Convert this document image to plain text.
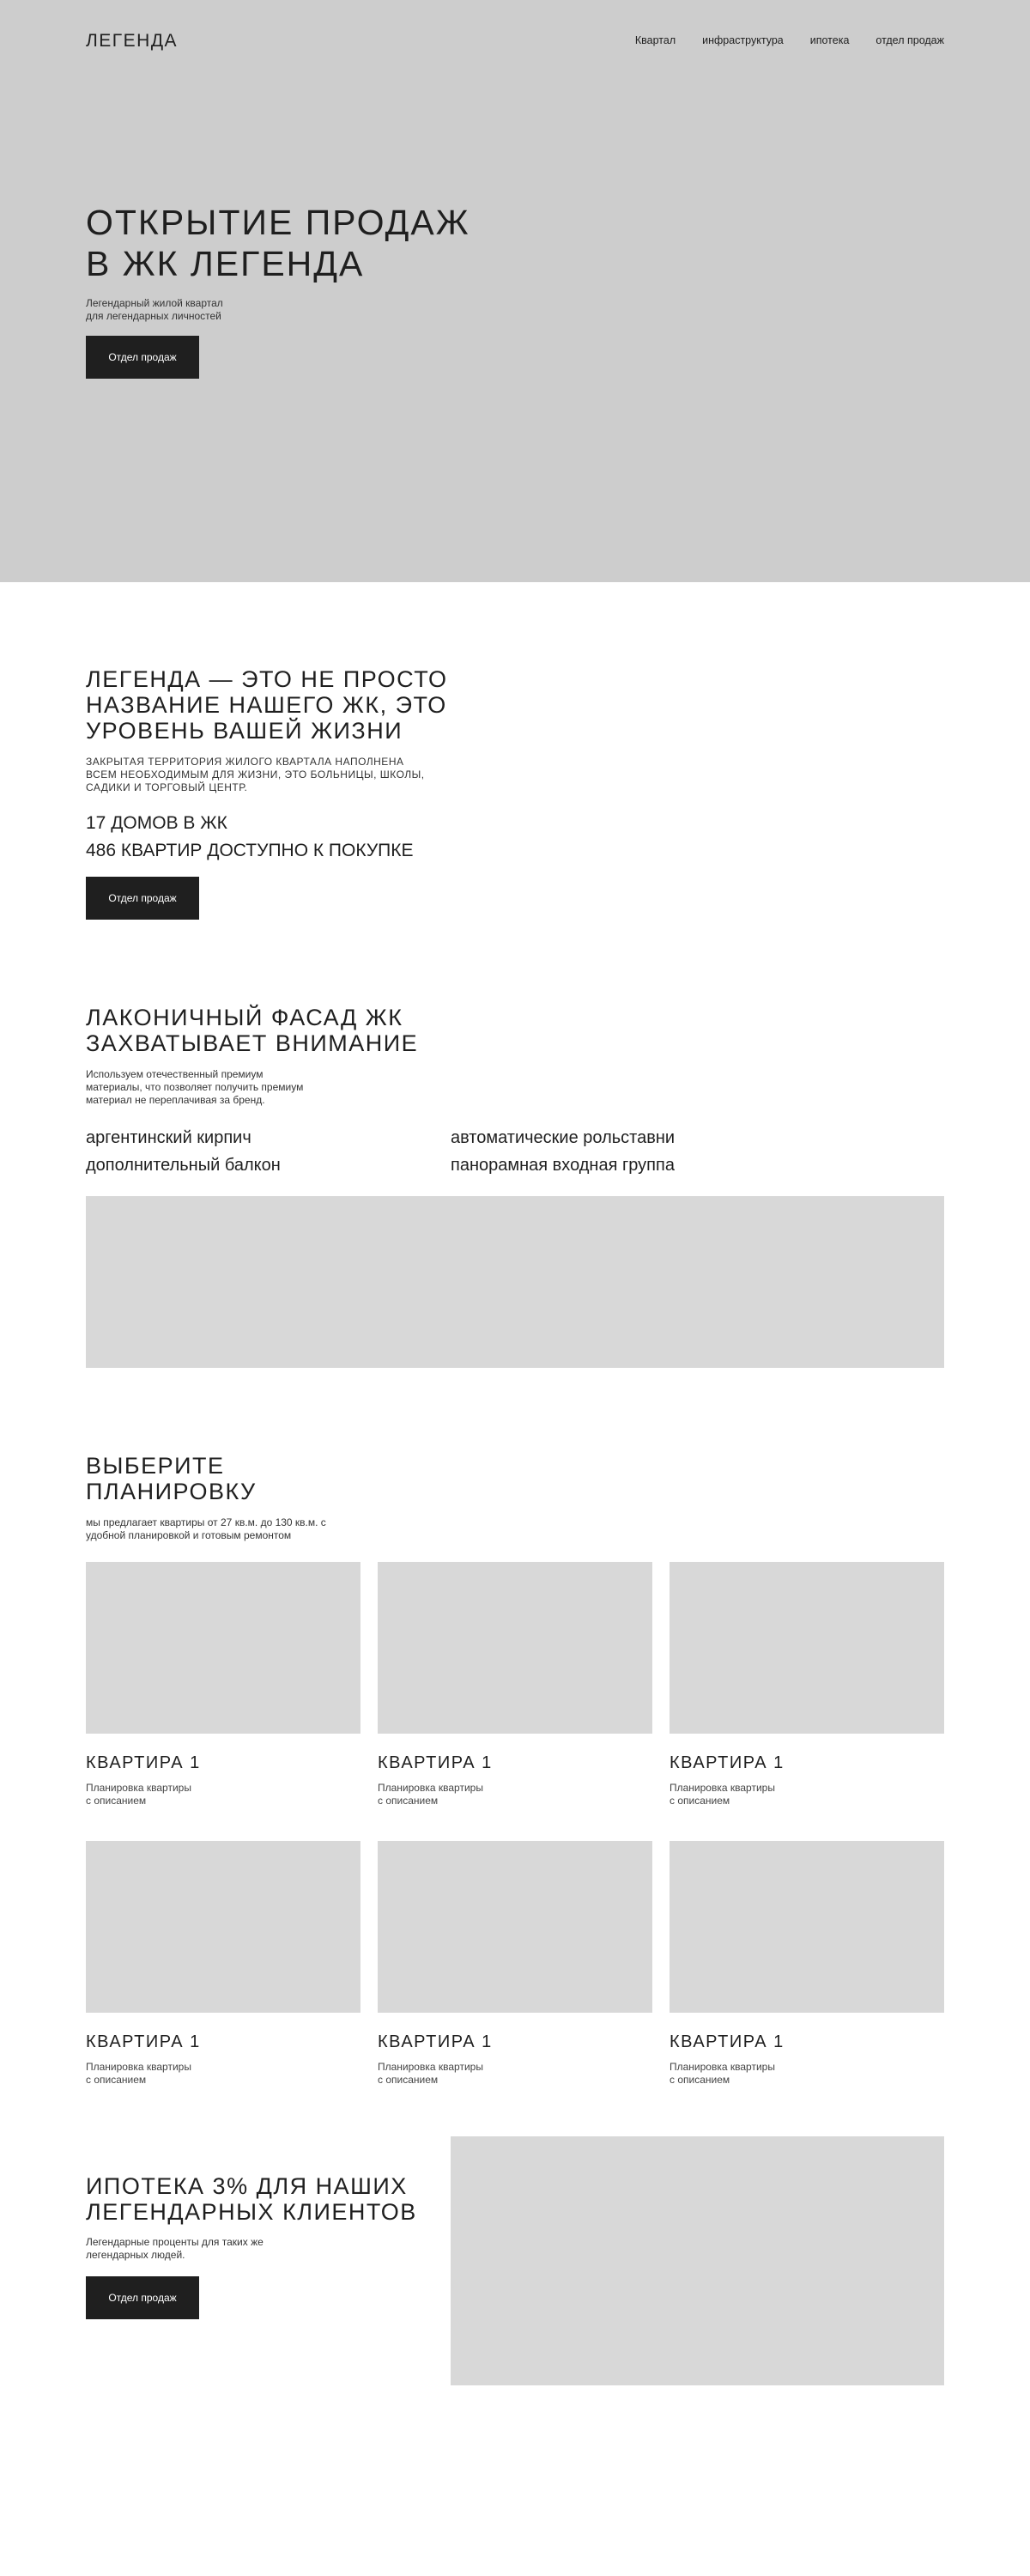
ЛЕГЕНДА	Квартал инфраструктура ипотека отдел продаж
ОТКРЫТИЕ ПРОДАЖ
В ЖК ЛЕГЕНДА
Легендарный жилой квартал
для легендарных личностей
Отдел продаж
ЛЕГЕНДА — ЭТО НЕ ПРОСТО
НАЗВАНИЕ НАШЕГО ЖК, ЭТО
УРОВЕНЬ ВАШЕЙ ЖИЗНИ
ЗАКРЫТАЯ ТЕРРИТОРИЯ ЖИЛОГО КВАРТАЛА НАПОЛНЕНА
ВСЕМ НЕОБХОДИМЫМ ДЛЯ ЖИЗНИ, ЭТО БОЛЬНИЦЫ, ШКОЛЫ,
САДИКИ И ТОРГОВЫЙ ЦЕНТР.
17 ДОМОВ В ЖК
486 КВАРТИР ДОСТУПНО К ПОКУПКЕ
Отдел продаж
ЛАКОНИЧНЫЙ ФАСАД ЖК
ЗАХВАТЫВАЕТ ВНИМАНИЕ
Используем отечественный премиум
материалы, что позволяет получить премиум
материал не переплачивая за бренд.
аргентинский кирпич	автоматические рольставни
дополнительный балкон	панорамная входная группа
ВЫБЕРИТЕ
ПЛАНИРОВКУ
мы предлагает квартиры от 27 кв.м. до 130 кв.м. с
удобной планировкой и готовым ремонтом
КВАРТИРА 1	КВАРТИРА 1	КВАРТИРА 1
Планировка квартиры
с описанием
Планировка квартиры
с описанием
Планировка квартиры
с описанием
КВАРТИРА 1	КВАРТИРА 1	КВАРТИРА 1
Планировка квартиры
с описанием
Планировка квартиры
с описанием
Планировка квартиры
с описанием
ИПОТЕКА 3% ДЛЯ НАШИХ
ЛЕГЕНДАРНЫХ КЛИЕНТОВ
Легендарные проценты для таких же
легендарных людей.
Отдел продаж
